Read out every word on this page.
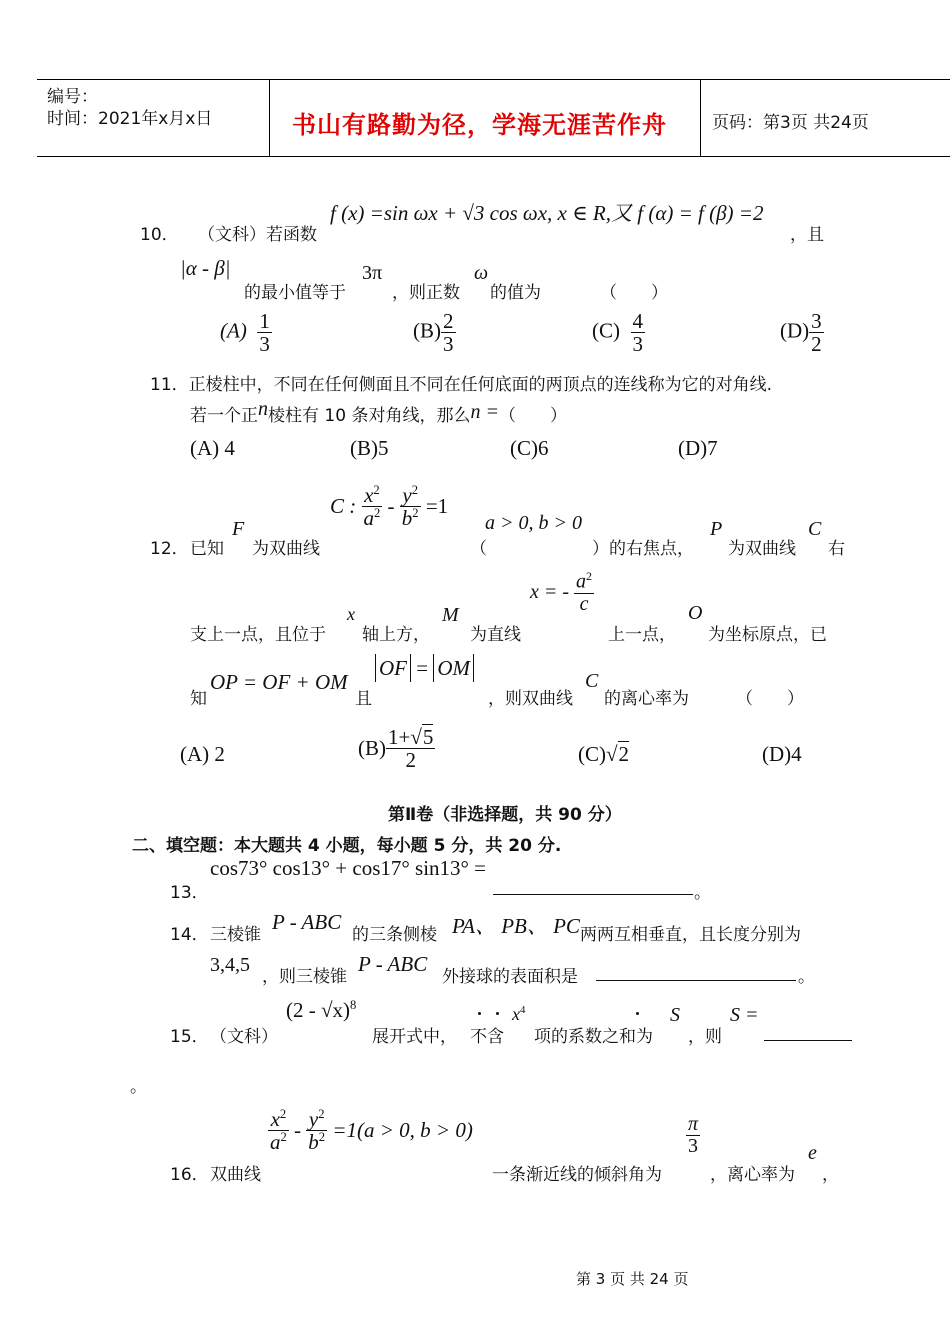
编号：
时间：2021年x月x日	书山有路勤为径，学海无涯苦作舟	页码：第3页 共24页
f (x) =sin ωx + √3 cos ωx, x ∈ R,又 f (α) = f (β) =2
10． （文科）若函数	，且
|α - β|
的最小值等于
3π
，则正数
ω
的值为	（　　）
$(A) \frac{1}{3}$	$(B) \frac{2}{3}$	$(C) \frac{4}{3}$	$(D) \frac{3}{2}$
11．正棱柱中，不同在任何侧面且不同在任何底面的两顶点的连线称为它的对角线.
若一个正n棱柱有 10 条对角线，那么n =（　　）
(A) 4	(B)5	(C)6	(D)7
C : $\frac{x^2}{a^2} - \frac{y^2}{b^2} =1$
a > 0, b > 0
12． 已知
F
为双曲线	（	）的右焦点，
P
为双曲线
C
右
x = - $\frac{a^2}{c}$
支上一点，且位于
x
轴上方，
M
为直线	上一点，
O
为坐标原点，已
知
OP = OF + OM
且
OF = OM
，则双曲线
C
的离心率为	（　　）
(A) 2	$(B) \frac{1+√5}{2}$	(C)√2	(D)4
第Ⅱ卷（非选择题，共 90 分）
二、填空题：本大题共 4 小题，每小题 5 分，共 20 分.
cos73° cos13° + cos17° sin13° =
13．	。
14． 三棱锥
P - ABC
的三条侧棱 PA、 PB、 PC 两两互相垂直，且长度分别为
3,4,5
，则三棱锥
P - ABC
外接球的表面积是	。
(2 - √x)$^8$
15． （文科）	展开式中， 不含
$x^4$
项的系数之和为
S
，则
S =
。
$\frac{x^2}{a^2} - \frac{y^2}{b^2} =1(a > 0$, b > 0)
16． 双曲线	一条渐近线的倾斜角为
$\frac{\pi}{3}$
，离心率为
e
，
第 3 页 共 24 页
